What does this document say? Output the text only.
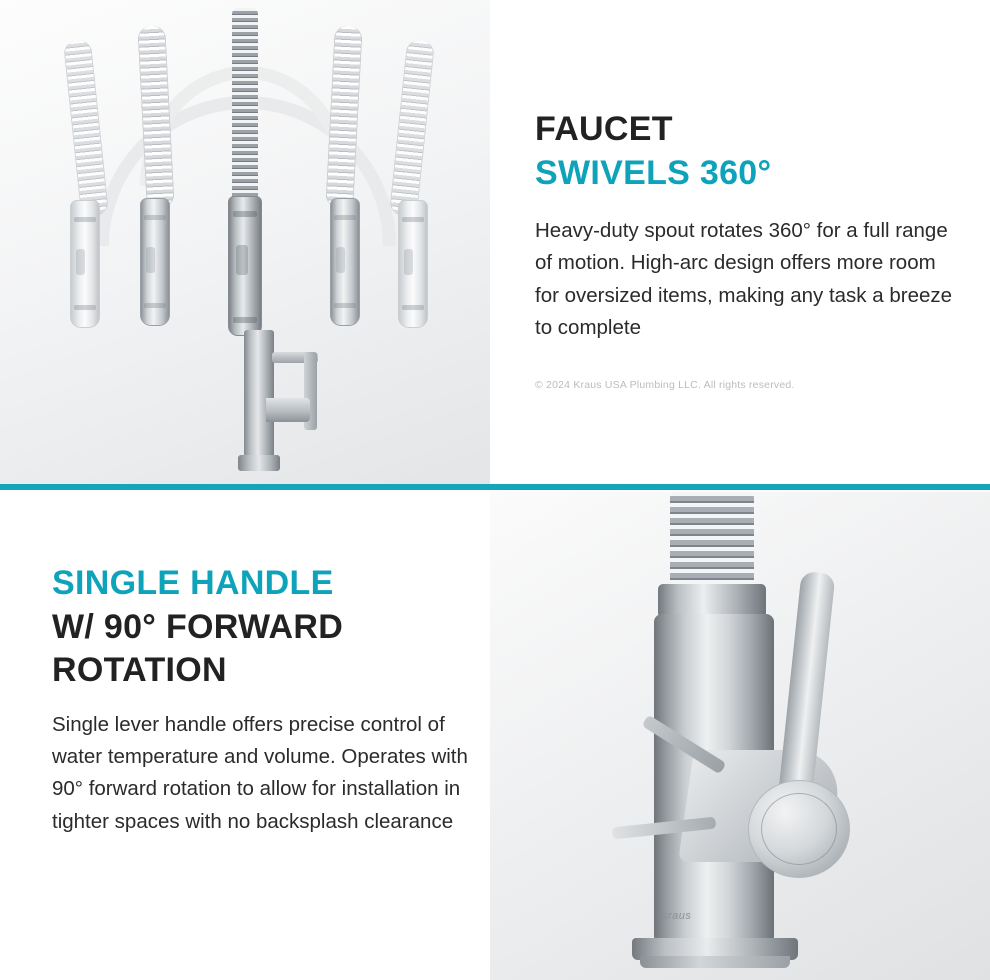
FAUCET
SWIVELS 360°

Heavy-duty spout rotates 360° for a full range of motion. High-arc design offers more room for oversized items, making any task a breeze to complete

© 2024 Kraus USA Plumbing LLC. All rights reserved.
SINGLE HANDLE
W/ 90° FORWARD
ROTATION

Single lever handle offers precise control of water temperature and volume. Operates with 90° forward rotation to allow for installation in tighter spaces with no backsplash clearance

kraus
